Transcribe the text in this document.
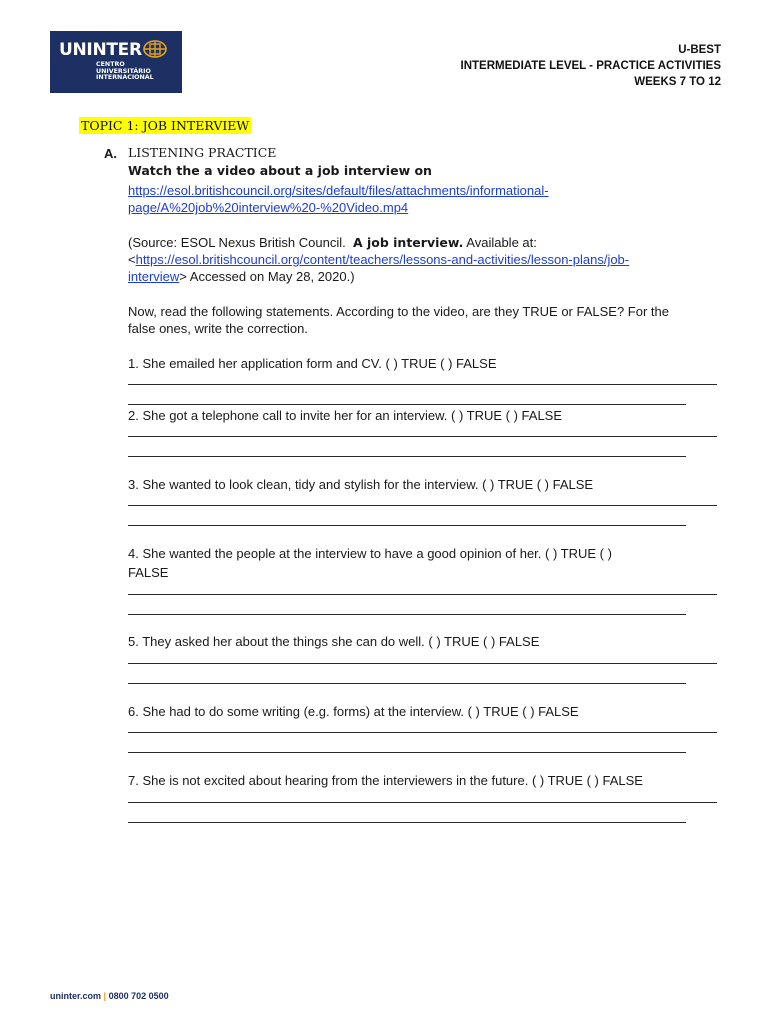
UNINTER
CENTRO
UNIVERSITÁRIO
INTERNACIONAL
U-BEST
INTERMEDIATE LEVEL - PRACTICE ACTIVITIES
WEEKS 7 TO 12
TOPIC 1: JOB INTERVIEW
A. LISTENING PRACTICE
Watch the a video about a job interview on
https://esol.britishcouncil.org/sites/default/files/attachments/informational-
page/A%20job%20interview%20-%20Video.mp4
(Source: ESOL Nexus British Council. A job interview. Available at:
<https://esol.britishcouncil.org/content/teachers/lessons-and-activities/lesson-plans/job-
interview> Accessed on May 28, 2020.)
Now, read the following statements. According to the video, are they TRUE or FALSE? For the
false ones, write the correction.
1. She emailed her application form and CV. ( ) TRUE ( ) FALSE
2. She got a telephone call to invite her for an interview. ( ) TRUE ( ) FALSE
3. She wanted to look clean, tidy and stylish for the interview. ( ) TRUE ( ) FALSE
4. She wanted the people at the interview to have a good opinion of her. ( ) TRUE ( )
FALSE
5. They asked her about the things she can do well. ( ) TRUE ( ) FALSE
6. She had to do some writing (e.g. forms) at the interview. ( ) TRUE ( ) FALSE
7. She is not excited about hearing from the interviewers in the future. ( ) TRUE ( ) FALSE
uninter.com | 0800 702 0500
